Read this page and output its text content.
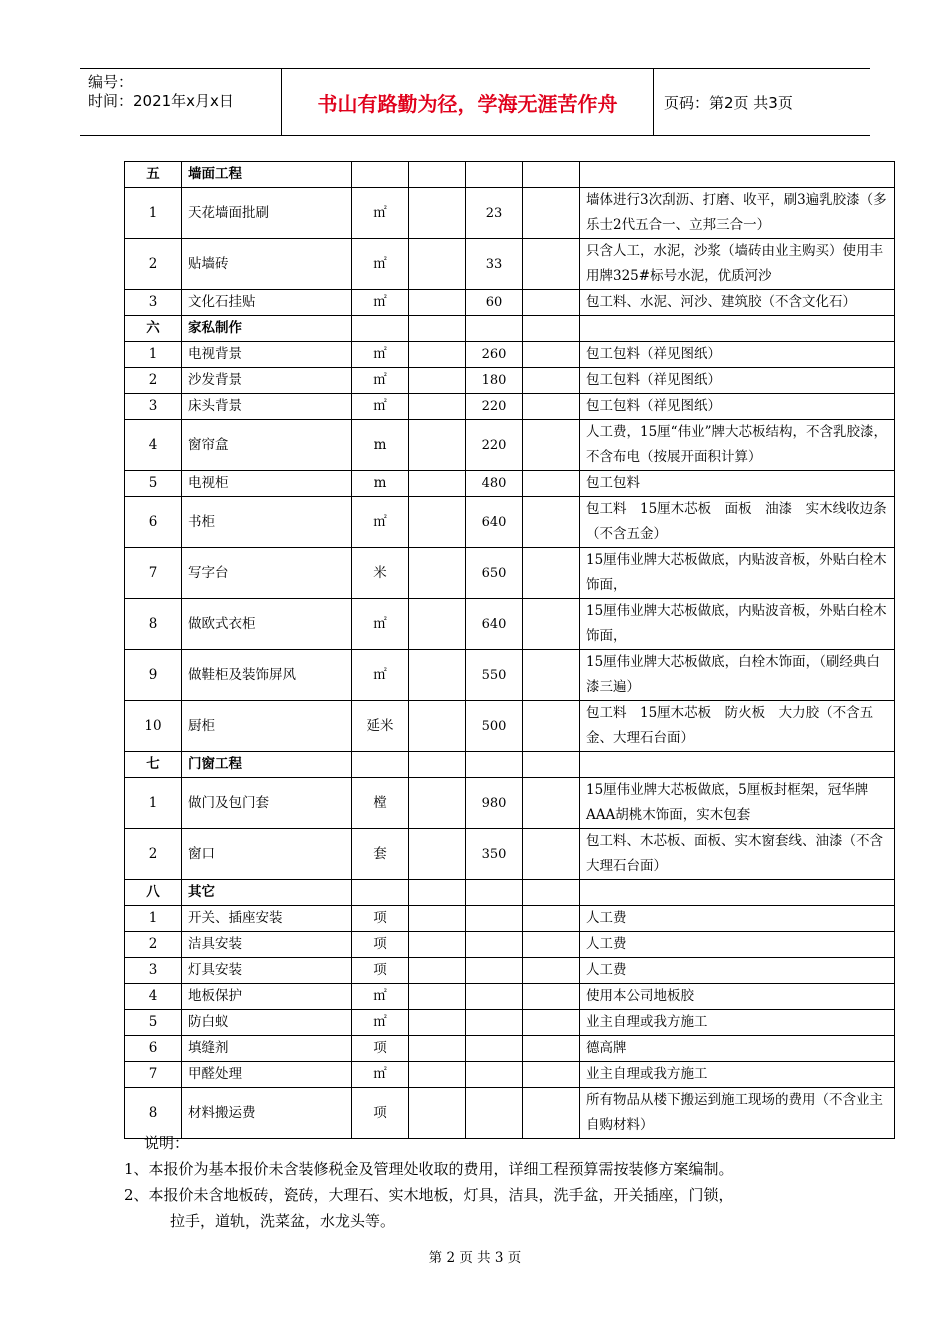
编号：
时间：2021年x月x日	书山有路勤为径，学海无涯苦作舟	页码：第2页 共3页
五	墙面工程					
1	天花墙面批刷	㎡		23		墙体进行3次刮沥、打磨、收平，刷3遍乳胶漆（多乐士2代五合一、立邦三合一）
2	贴墙砖	㎡		33		只含人工，水泥，沙浆（墙砖由业主购买）使用丰用牌325#标号水泥，优质河沙
3	文化石挂贴	㎡		60		包工料、水泥、河沙、建筑胶（不含文化石）
六	家私制作					
1	电视背景	㎡		260		包工包料（祥见图纸）
2	沙发背景	㎡		180		包工包料（祥见图纸）
3	床头背景	㎡		220		包工包料（祥见图纸）
4	窗帘盒	m		220		人工费，15厘“伟业”牌大芯板结构，不含乳胶漆，不含布电（按展开面积计算）
5	电视柜	m		480		包工包料
6	书柜	㎡		640		包工料　15厘木芯板　面板　油漆　实木线收边条（不含五金）
7	写字台	米		650		15厘伟业牌大芯板做底，内贴波音板，外贴白栓木饰面，
8	做欧式衣柜	㎡		640		15厘伟业牌大芯板做底，内贴波音板，外贴白栓木饰面，
9	做鞋柜及装饰屏风	㎡		550		15厘伟业牌大芯板做底，白栓木饰面，（刷经典白漆三遍）
10	厨柜	延米		500		包工料　15厘木芯板　防火板　大力胶（不含五金、大理石台面）
七	门窗工程					
1	做门及包门套	樘		980		15厘伟业牌大芯板做底，5厘板封框架，冠华牌AAA胡桃木饰面，实木包套
2	窗口	套		350		包工料、木芯板、面板、实木窗套线、油漆（不含大理石台面）
八	其它					
1	开关、插座安装	项				人工费
2	洁具安装	项				人工费
3	灯具安装	项				人工费
4	地板保护	㎡				使用本公司地板胶
5	防白蚁	㎡				业主自理或我方施工
6	填缝剂	项				德高牌
7	甲醛处理	㎡				业主自理或我方施工
8	材料搬运费	项				所有物品从楼下搬运到施工现场的费用（不含业主自购材料）
说明：
1、本报价为基本报价未含装修税金及管理处收取的费用，详细工程预算需按装修方案编制。
2、本报价未含地板砖，瓷砖，大理石、实木地板，灯具，洁具，洗手盆，开关插座，门锁，
拉手，道轨，洗菜盆，水龙头等。
第 2 页 共 3 页
